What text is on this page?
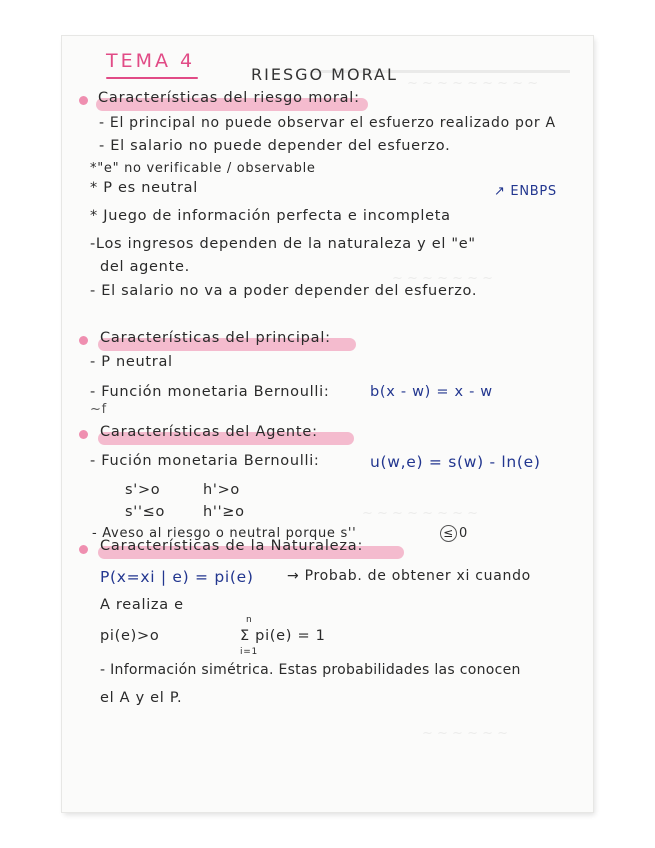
~ ~ ~ ~ ~ ~ ~ ~ ~
~ ~ ~ ~ ~ ~ ~
~ ~ ~ ~ ~ ~ ~ ~
~ ~ ~ ~ ~ ~
TEMA 4
RIESGO MORAL
Características del riesgo moral:
- El principal no puede observar el esfuerzo realizado por A
- El salario no puede depender del esfuerzo.
*"e" no verificable / observable
* P es neutral	↗ ENBPS
* Juego de información perfecta e incompleta
-Los ingresos dependen de la naturaleza y el "e"
del agente.
- El salario no va a poder depender del esfuerzo.
Características del principal:
- P neutral
- Función monetaria Bernoulli:	b(x - w) = x - w
~f
Características del Agente:
- Fución monetaria Bernoulli:	u(w,e) = s(w) - ln(e)
s'>o	h'>o
s''≤o	h''≥o
- Aveso al riesgo o neutral porque s''	≤ 0
Características de la Naturaleza:
P(x=xi | e) = pi(e) → Probab. de obtener xi cuando
A realiza e
pi(e)>o	Σ pi(e) = 1
n
i=1
- Información simétrica. Estas probabilidades las conocen
el A y el P.
